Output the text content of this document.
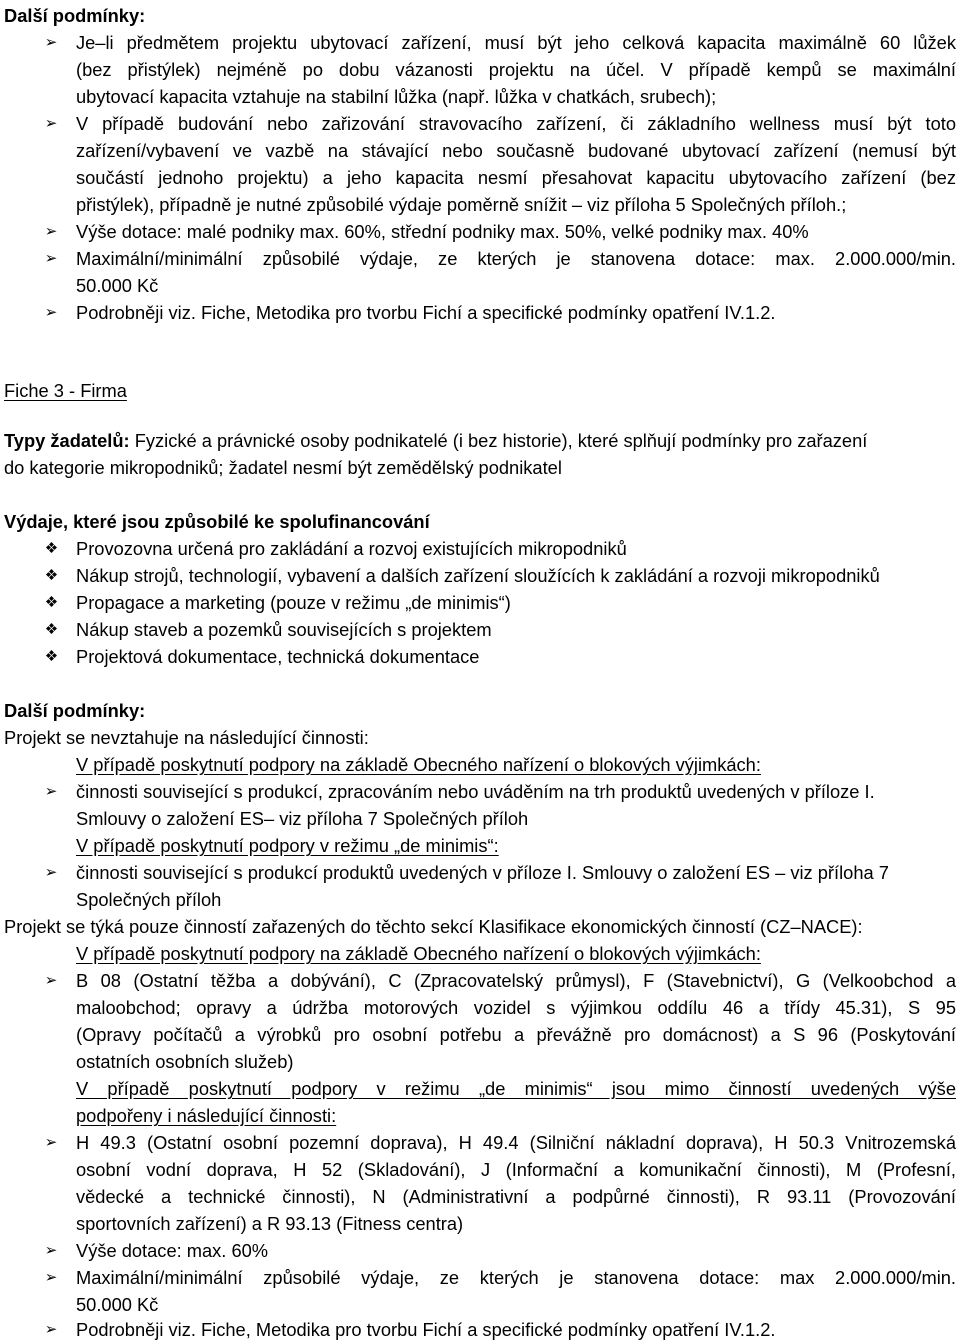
Další podmínky:
➢ Je–li předmětem projektu ubytovací zařízení, musí být jeho celková kapacita maximálně 60 lůžek
(bez přistýlek) nejméně po dobu vázanosti projektu na účel. V případě kempů se maximální
ubytovací kapacita vztahuje na stabilní lůžka (např. lůžka v chatkách, srubech);
➢ V případě budování nebo zařizování stravovacího zařízení, či základního wellness musí být toto
zařízení/vybavení ve vazbě na stávající nebo současně budované ubytovací zařízení (nemusí být
součástí jednoho projektu) a jeho kapacita nesmí přesahovat kapacitu ubytovacího zařízení (bez
přistýlek), případně je nutné způsobilé výdaje poměrně snížit – viz příloha 5 Společných příloh.;
➢ Výše dotace: malé podniky max. 60%, střední podniky max. 50%, velké podniky max. 40%
➢ Maximální/minimální způsobilé výdaje, ze kterých je stanovena dotace: max. 2.000.000/min.
50.000 Kč
➢ Podrobněji viz. Fiche, Metodika pro tvorbu Fichí a specifické podmínky opatření IV.1.2.
Fiche 3 - Firma
Typy žadatelů: Fyzické a právnické osoby podnikatelé (i bez historie), které splňují podmínky pro zařazení
do kategorie mikropodniků; žadatel nesmí být zemědělský podnikatel
Výdaje, které jsou způsobilé ke spolufinancování
❖ Provozovna určená pro zakládání a rozvoj existujících mikropodniků
❖ Nákup strojů, technologií, vybavení a dalších zařízení sloužících k zakládání a rozvoji mikropodniků
❖ Propagace a marketing (pouze v režimu „de minimis“)
❖ Nákup staveb a pozemků souvisejících s projektem
❖ Projektová dokumentace, technická dokumentace
Další podmínky:
Projekt se nevztahuje na následující činnosti:
V případě poskytnutí podpory na základě Obecného nařízení o blokových výjimkách:
➢ činnosti související s produkcí, zpracováním nebo uváděním na trh produktů uvedených v příloze I.
Smlouvy o založení ES– viz příloha 7 Společných příloh
V případě poskytnutí podpory v režimu „de minimis“:
➢ činnosti související s produkcí produktů uvedených v příloze I. Smlouvy o založení ES – viz příloha 7
Společných příloh
Projekt se týká pouze činností zařazených do těchto sekcí Klasifikace ekonomických činností (CZ–NACE):
V případě poskytnutí podpory na základě Obecného nařízení o blokových výjimkách:
➢ B 08 (Ostatní těžba a dobývání), C (Zpracovatelský průmysl), F (Stavebnictví), G (Velkoobchod a
maloobchod; opravy a údržba motorových vozidel s výjimkou oddílu 46 a třídy 45.31), S 95
(Opravy počítačů a výrobků pro osobní potřebu a převážně pro domácnost) a S 96 (Poskytování
ostatních osobních služeb)
V případě poskytnutí podpory v režimu „de minimis“ jsou mimo činností uvedených výše
podpořeny i následující činnosti:
➢ H 49.3 (Ostatní osobní pozemní doprava), H 49.4 (Silniční nákladní doprava), H 50.3 Vnitrozemská
osobní vodní doprava, H 52 (Skladování), J (Informační a komunikační činnosti), M (Profesní,
vědecké a technické činnosti), N (Administrativní a podpůrné činnosti), R 93.11 (Provozování
sportovních zařízení) a R 93.13 (Fitness centra)
➢ Výše dotace: max. 60%
➢ Maximální/minimální způsobilé výdaje, ze kterých je stanovena dotace: max 2.000.000/min.
50.000 Kč
➢ Podrobněji viz. Fiche, Metodika pro tvorbu Fichí a specifické podmínky opatření IV.1.2.
